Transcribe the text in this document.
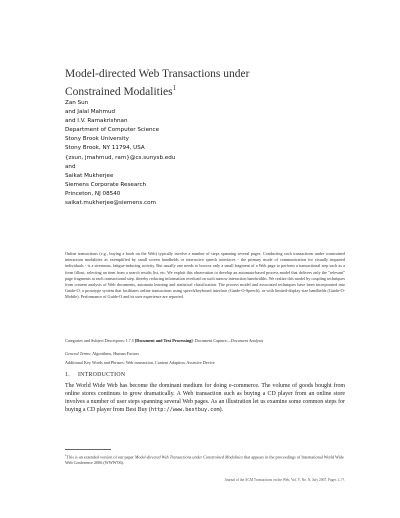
Model-directed Web Transactions under
Constrained Modalities$^1$
Zan Sun
and Jalal Mahmud
and I.V. Ramakrishnan
Department of Computer Science
Stony Brook University
Stony Brook, NY 11794, USA
{zsun, jmahmud, ram}@cs.sunysb.edu
and
Saikat Mukherjee
Siemens Corporate Research
Princeton, NJ 08540
saikat.mukherjee@siemens.com
Online transactions (e.g., buying a book on the Web) typically involve a number of steps spanning several pages. Conducting such transactions under constrained interaction modalities as exemplified by small screen handhelds or interactive speech interfaces - the primary mode of communication for visually impaired individuals - is a strenuous, fatigue-inducing activity. But usually one needs to browse only a small fragment of a Web page to perform a transactional step such as a form fillout, selecting an item from a search results list, etc. We exploit this observation to develop an automata-based process model that delivers only the "relevant" page fragments at each transactional step, thereby reducing information overload on such narrow interaction bandwidths. We realize this model by coupling techniques from content analysis of Web documents, automata learning and statistical classification. The process model and associated techniques have been incorporated into Guide-O, a prototype system that facilitates online transactions using speech/keyboard interface (Guide-O-Speech), or with limited-display size handhelds (Guide-O-Mobile). Performance of Guide-O and its user experience are reported.
Categories and Subject Descriptors: I.7.5 [Document and Text Processing]: Document Capture—Document Analysis
General Terms: Algorithms, Human Factors
Additional Key Words and Phrases: Web transaction, Content Adaption, Assistive Device
1. INTRODUCTION
The World Wide Web has become the dominant medium for doing e-commerce. The volume of goods bought from online stores continues to grow dramatically. A Web transaction such as buying a CD player from an online store involves a number of user steps spanning several Web pages. As an illustration let us examine some common steps for buying a CD player from Best Buy (http://www.bestbuy.com).
$^1$This is an extended version of our paper Model-directed Web Transactions under Constrained Modalities that appears in the proceedings of International World Wide Web Conference 2006 (WWW'06).
Journal of the ACM Transactions on the Web, Vol. V, No. N, July 2007, Pages 1–??.
